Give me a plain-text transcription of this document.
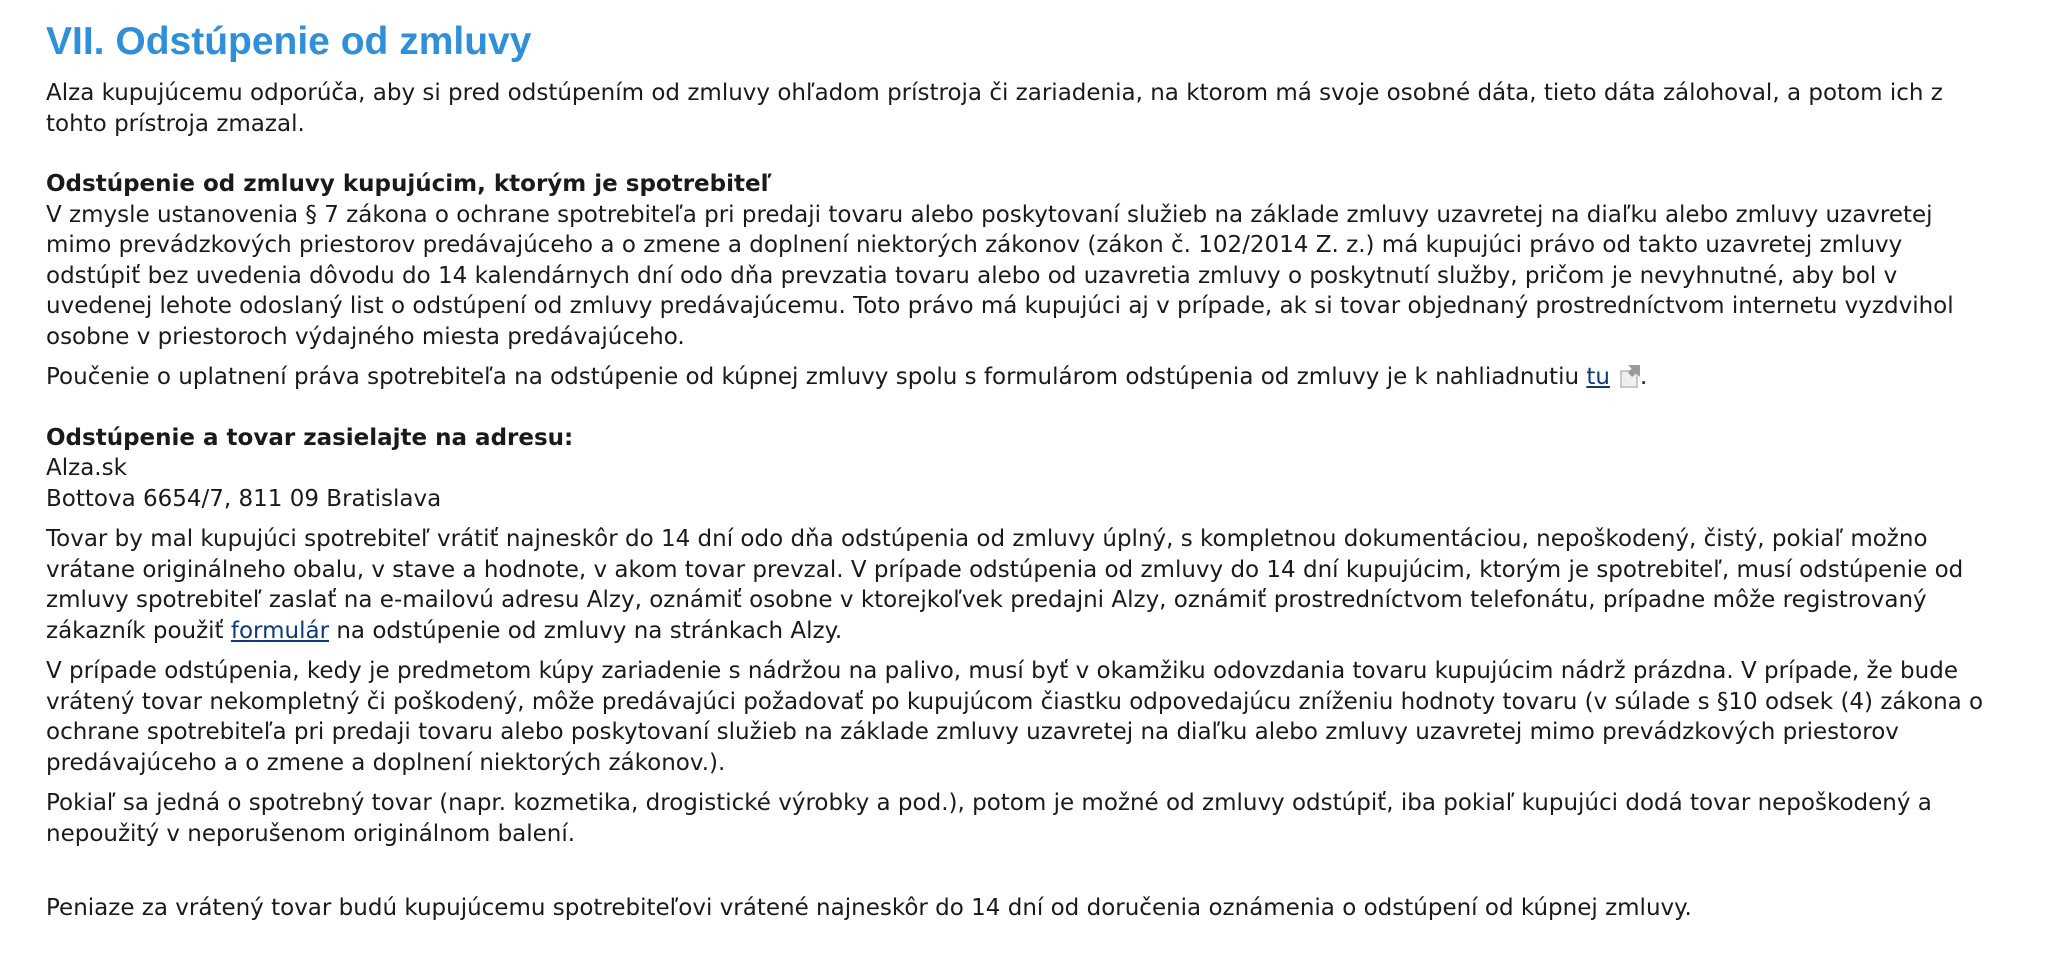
VII. Odstúpenie od zmluvy

Alza kupujúcemu odporúča, aby si pred odstúpením od zmluvy ohľadom prístroja či zariadenia, na ktorom má svoje osobné dáta, tieto dáta zálohoval, a potom ich z tohto prístroja zmazal.

Odstúpenie od zmluvy kupujúcim, ktorým je spotrebiteľ

V zmysle ustanovenia § 7 zákona o ochrane spotrebiteľa pri predaji tovaru alebo poskytovaní služieb na základe zmluvy uzavretej na diaľku alebo zmluvy uzavretej mimo prevádzkových priestorov predávajúceho a o zmene a doplnení niektorých zákonov (zákon č. 102/2014 Z. z.) má kupujúci právo od takto uzavretej zmluvy odstúpiť bez uvedenia dôvodu do 14 kalendárnych dní odo dňa prevzatia tovaru alebo od uzavretia zmluvy o poskytnutí služby, pričom je nevyhnutné, aby bol v uvedenej lehote odoslaný list o odstúpení od zmluvy predávajúcemu. Toto právo má kupujúci aj v prípade, ak si tovar objednaný prostredníctvom internetu vyzdvihol osobne v priestoroch výdajného miesta predávajúceho.

Poučenie o uplatnení práva spotrebiteľa na odstúpenie od kúpnej zmluvy spolu s formulárom odstúpenia od zmluvy je k nahliadnutiu tu .

Odstúpenie a tovar zasielajte na adresu:

Alza.sk

Bottova 6654/7, 811 09 Bratislava

Tovar by mal kupujúci spotrebiteľ vrátiť najneskôr do 14 dní odo dňa odstúpenia od zmluvy úplný, s kompletnou dokumentáciou, nepoškodený, čistý, pokiaľ možno vrátane originálneho obalu, v stave a hodnote, v akom tovar prevzal. V prípade odstúpenia od zmluvy do 14 dní kupujúcim, ktorým je spotrebiteľ, musí odstúpenie od zmluvy spotrebiteľ zaslať na e-mailovú adresu Alzy, oznámiť osobne v ktorejkoľvek predajni Alzy, oznámiť prostredníctvom telefonátu, prípadne môže registrovaný zákazník použiť formulár na odstúpenie od zmluvy na stránkach Alzy.

V prípade odstúpenia, kedy je predmetom kúpy zariadenie s nádržou na palivo, musí byť v okamžiku odovzdania tovaru kupujúcim nádrž prázdna. V prípade, že bude vrátený tovar nekompletný či poškodený, môže predávajúci požadovať po kupujúcom čiastku odpovedajúcu zníženiu hodnoty tovaru (v súlade s §10 odsek (4) zákona o ochrane spotrebiteľa pri predaji tovaru alebo poskytovaní služieb na základe zmluvy uzavretej na diaľku alebo zmluvy uzavretej mimo prevádzkových priestorov predávajúceho a o zmene a doplnení niektorých zákonov.).

Pokiaľ sa jedná o spotrebný tovar (napr. kozmetika, drogistické výrobky a pod.), potom je možné od zmluvy odstúpiť, iba pokiaľ kupujúci dodá tovar nepoškodený a nepoužitý v neporušenom originálnom balení.

Peniaze za vrátený tovar budú kupujúcemu spotrebiteľovi vrátené najneskôr do 14 dní od doručenia oznámenia o odstúpení od kúpnej zmluvy.
